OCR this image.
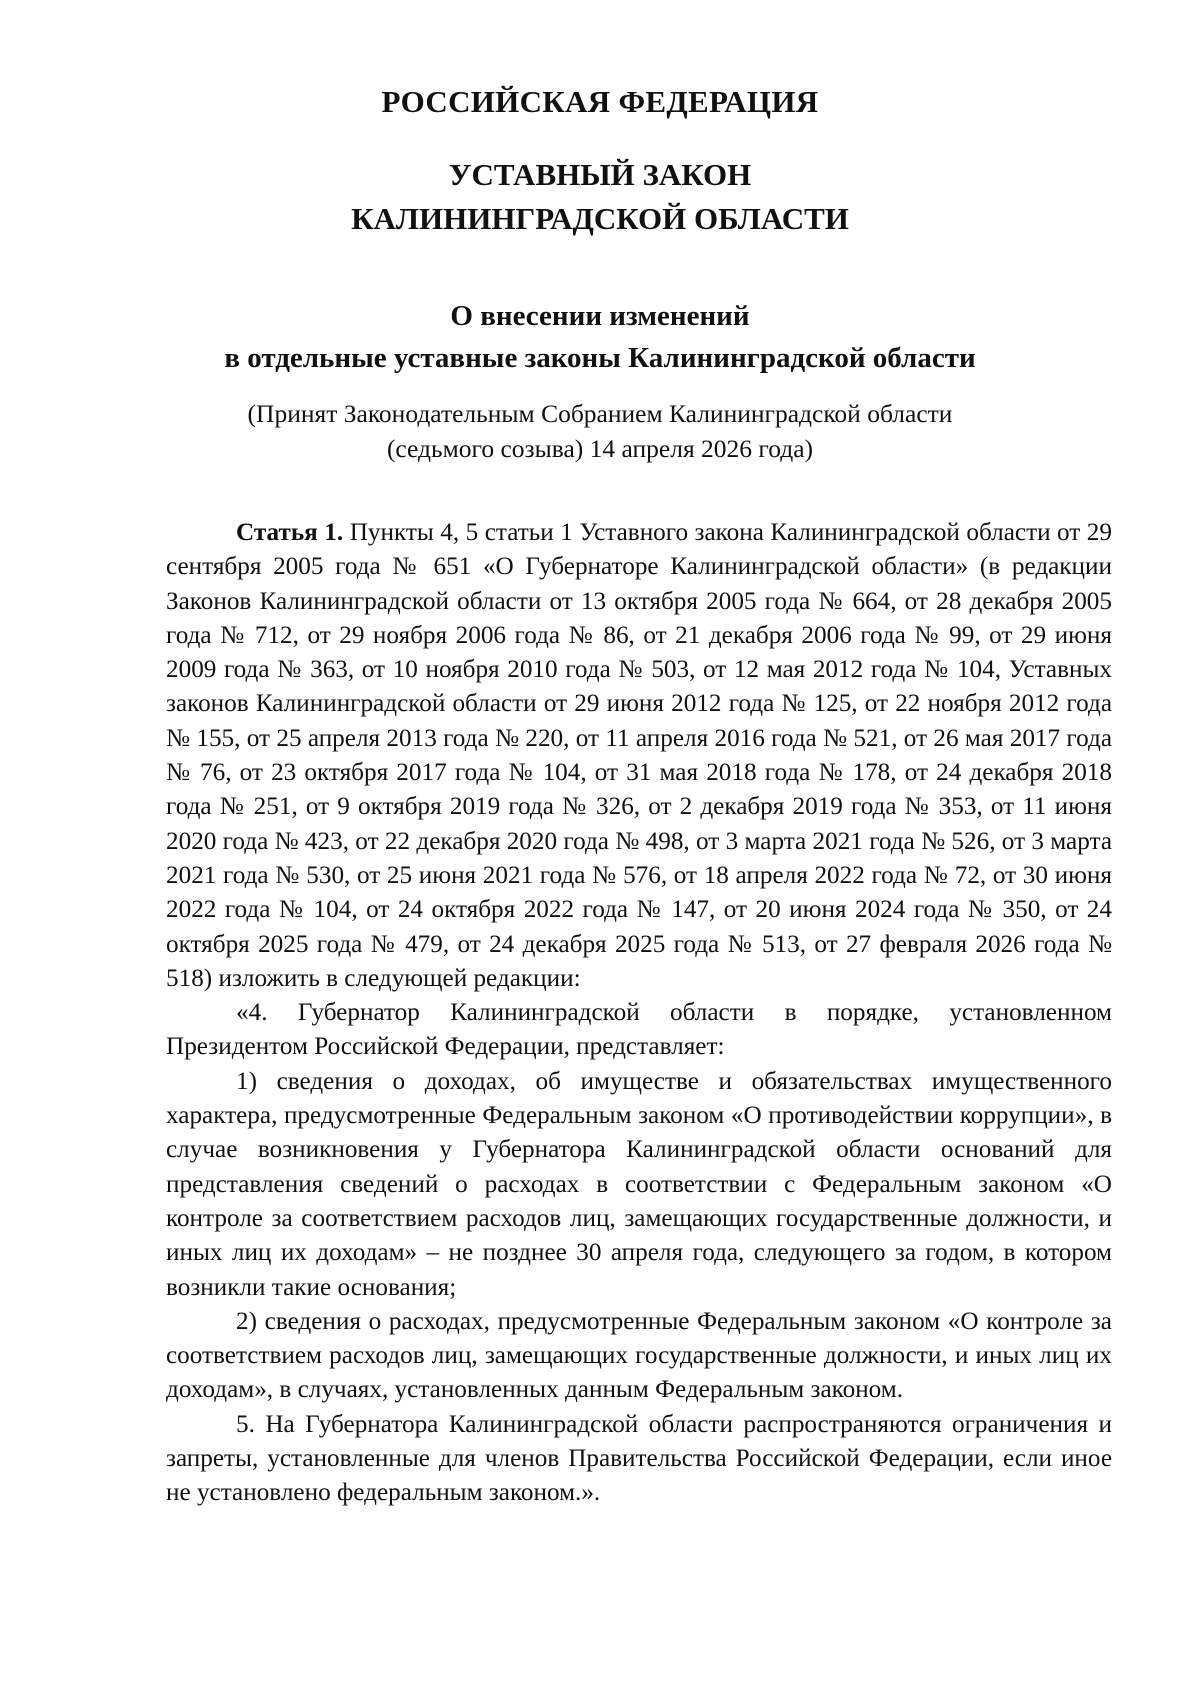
РОССИЙСКАЯ ФЕДЕРАЦИЯ
УСТАВНЫЙ ЗАКОН
КАЛИНИНГРАДСКОЙ ОБЛАСТИ
О внесении изменений
в отдельные уставные законы Калининградской области
(Принят Законодательным Собранием Калининградской области
(седьмого созыва) 14 апреля 2026 года)

Статья 1. Пункты 4, 5 статьи 1 Уставного закона Калининградской области от 29 сентября 2005 года № 651 «О Губернаторе Калининградской области» (в редакции Законов Калининградской области от 13 октября 2005 года № 664, от 28 декабря 2005 года № 712, от 29 ноября 2006 года № 86, от 21 декабря 2006 года № 99, от 29 июня 2009 года № 363, от 10 ноября 2010 года № 503, от 12 мая 2012 года № 104, Уставных законов Калининградской области от 29 июня 2012 года № 125, от 22 ноября 2012 года № 155, от 25 апреля 2013 года № 220, от 11 апреля 2016 года № 521, от 26 мая 2017 года № 76, от 23 октября 2017 года № 104, от 31 мая 2018 года № 178, от 24 декабря 2018 года № 251, от 9 октября 2019 года № 326, от 2 декабря 2019 года № 353, от 11 июня 2020 года № 423, от 22 декабря 2020 года № 498, от 3 марта 2021 года № 526, от 3 марта 2021 года № 530, от 25 июня 2021 года № 576, от 18 апреля 2022 года № 72, от 30 июня 2022 года № 104, от 24 октября 2022 года № 147, от 20 июня 2024 года № 350, от 24 октября 2025 года № 479, от 24 декабря 2025 года № 513, от 27 февраля 2026 года № 518) изложить в следующей редакции:

«4. Губернатор Калининградской области в порядке, установленном Президентом Российской Федерации, представляет:

1) сведения о доходах, об имуществе и обязательствах имущественного характера, предусмотренные Федеральным законом «О противодействии коррупции», в случае возникновения у Губернатора Калининградской области оснований для представления сведений о расходах в соответствии с Федеральным законом «О контроле за соответствием расходов лиц, замещающих государственные должности, и иных лиц их доходам» – не позднее 30 апреля года, следующего за годом, в котором возникли такие основания;

2) сведения о расходах, предусмотренные Федеральным законом «О контроле за соответствием расходов лиц, замещающих государственные должности, и иных лиц их доходам», в случаях, установленных данным Федеральным законом.

5. На Губернатора Калининградской области распространяются ограничения и запреты, установленные для членов Правительства Российской Федерации, если иное не установлено федеральным законом.».
